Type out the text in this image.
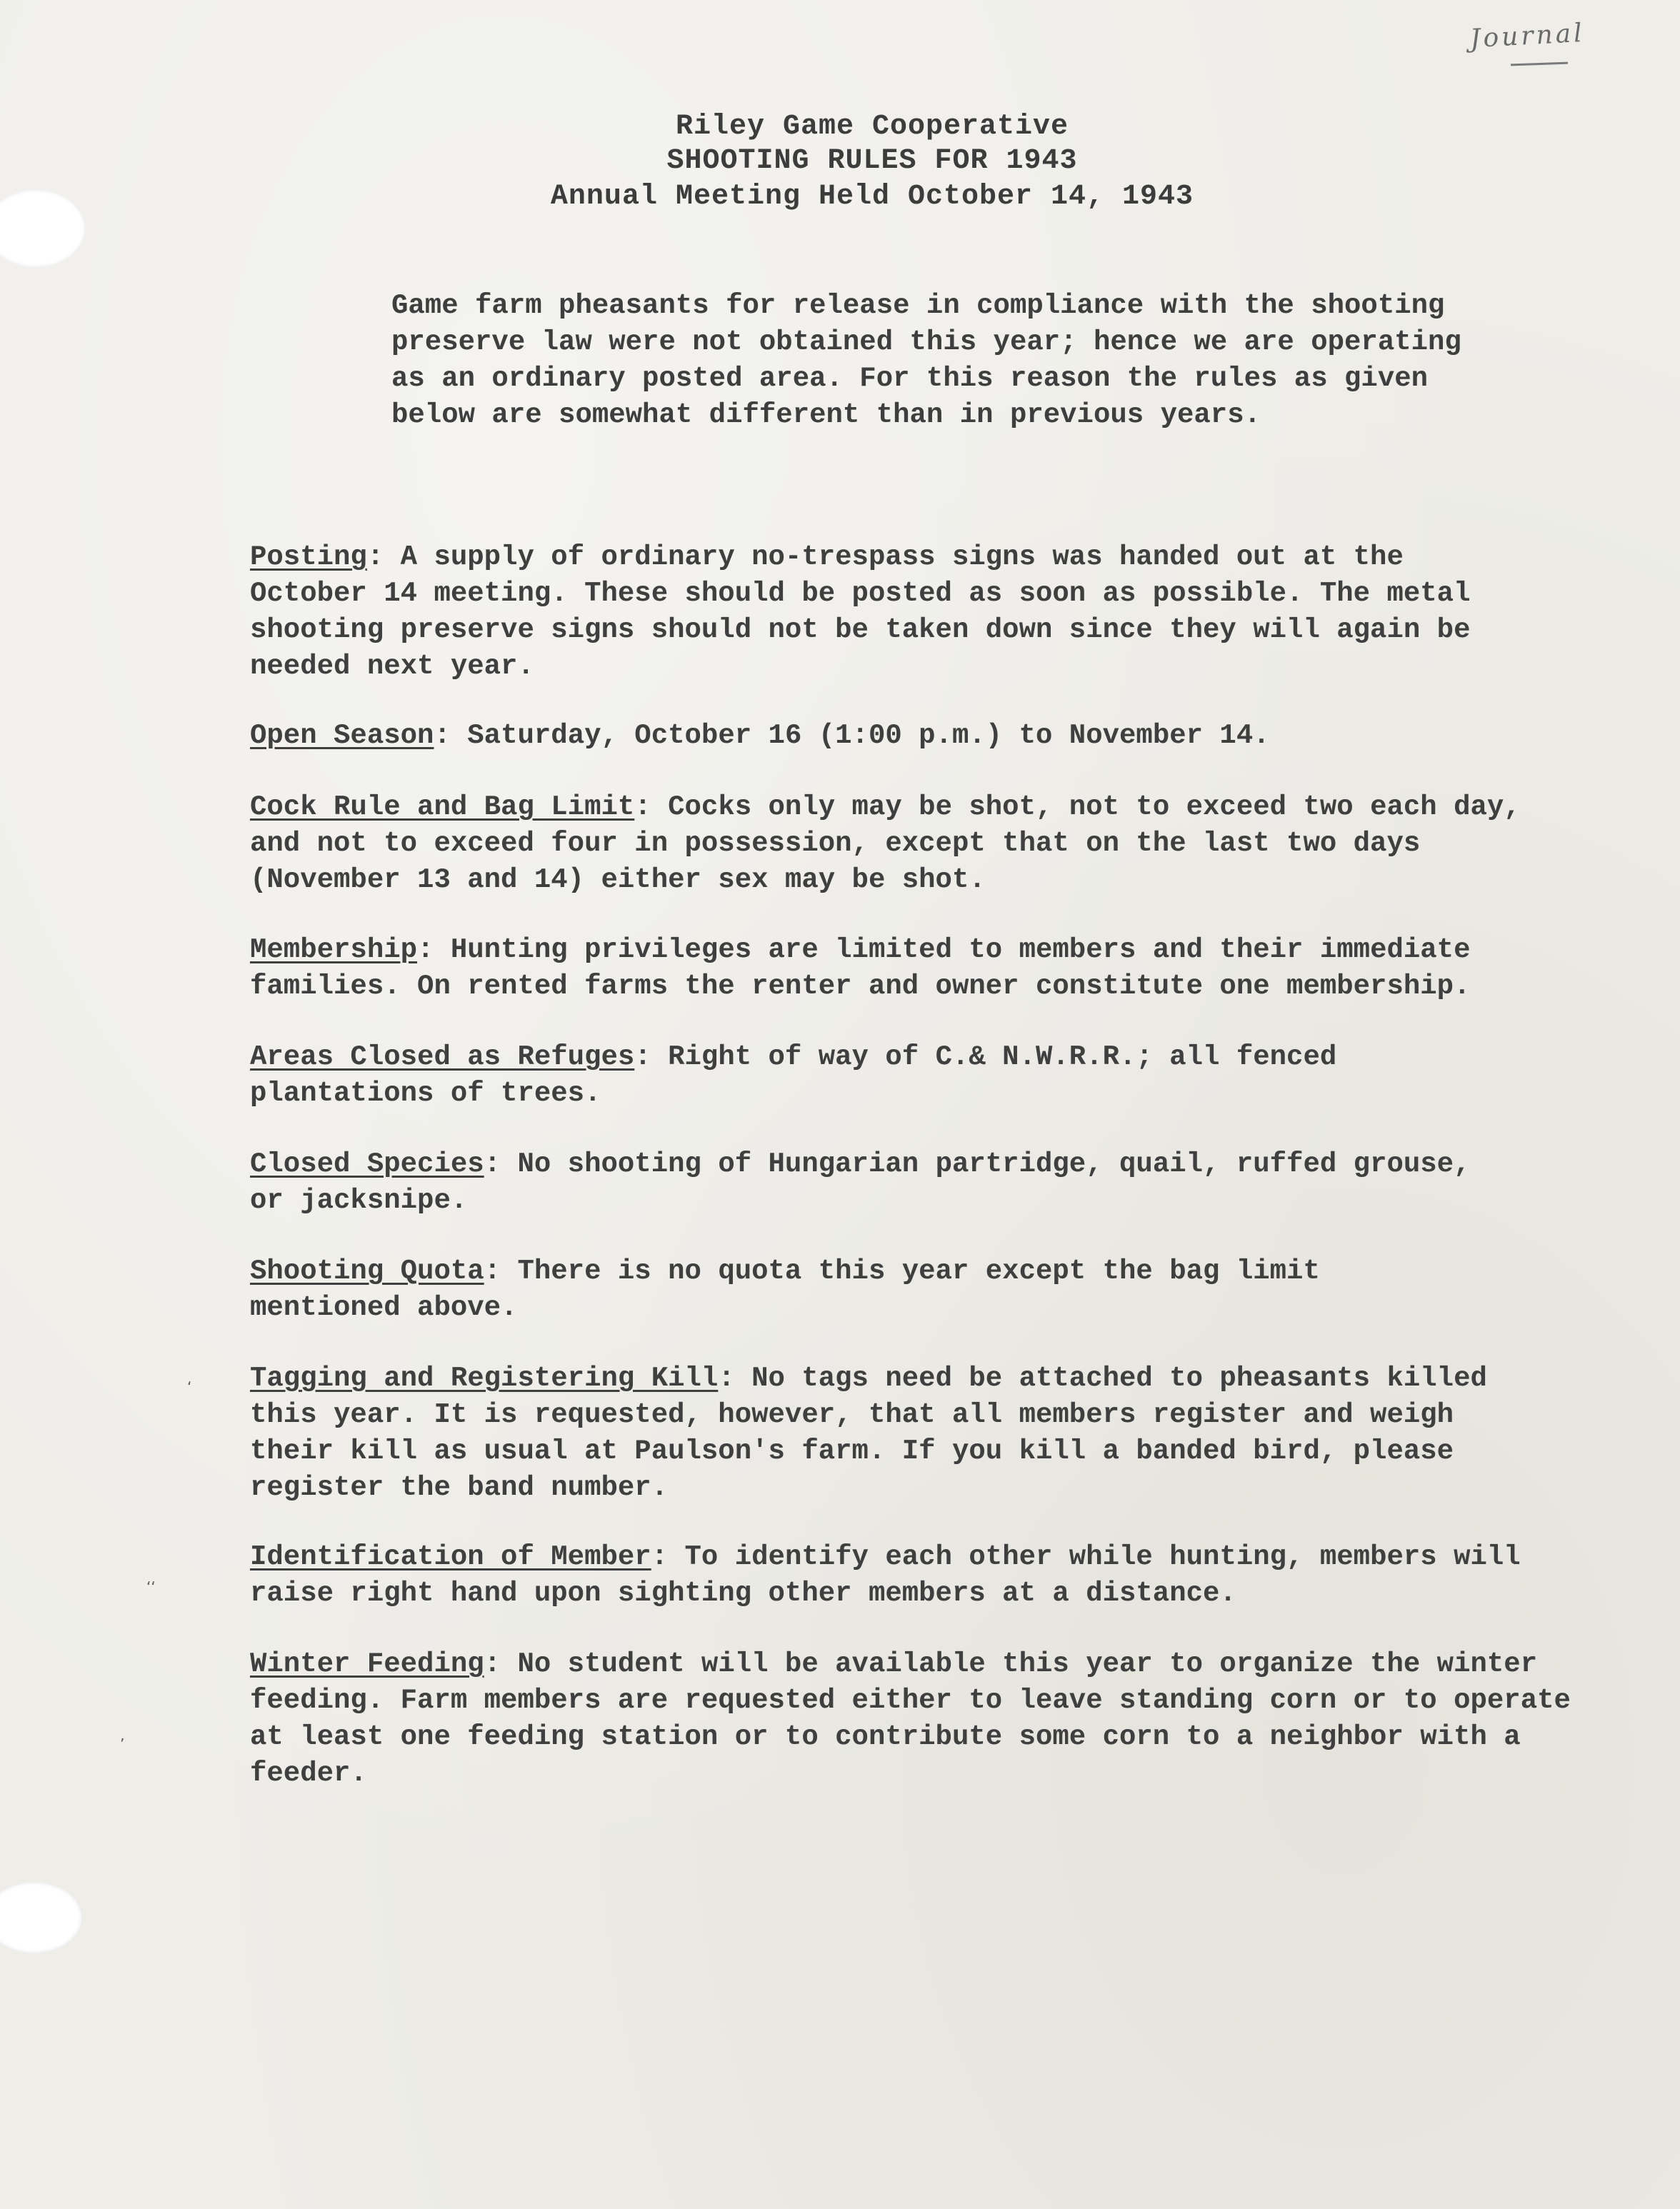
Journal
Riley Game Cooperative
SHOOTING RULES FOR 1943
Annual Meeting Held October 14, 1943
Game farm pheasants for release in compliance with the shooting preserve law were not obtained this year; hence we are operating as an ordinary posted area. For this reason the rules as given below are somewhat different than in previous years.
Posting: A supply of ordinary no-trespass signs was handed out at the October 14 meeting. These should be posted as soon as possible. The metal shooting preserve signs should not be taken down since they will again be needed next year.
Open Season: Saturday, October 16 (1:00 p.m.) to November 14.
Cock Rule and Bag Limit: Cocks only may be shot, not to exceed two each day, and not to exceed four in possession, except that on the last two days (November 13 and 14) either sex may be shot.
Membership: Hunting privileges are limited to members and their immediate families. On rented farms the renter and owner constitute one membership.
Areas Closed as Refuges: Right of way of C.& N.W.R.R.; all fenced plantations of trees.
Closed Species: No shooting of Hungarian partridge, quail, ruffed grouse, or jacksnipe.
Shooting Quota: There is no quota this year except the bag limit mentioned above.
Tagging and Registering Kill: No tags need be attached to pheasants killed this year. It is requested, however, that all members register and weigh their kill as usual at Paulson's farm. If you kill a banded bird, please register the band number.
Identification of Member: To identify each other while hunting, members will raise right hand upon sighting other members at a distance.
Winter Feeding: No student will be available this year to organize the winter feeding. Farm members are requested either to leave standing corn or to operate at least one feeding station or to contribute some corn to a neighbor with a feeder.
‘
‘‘
’
